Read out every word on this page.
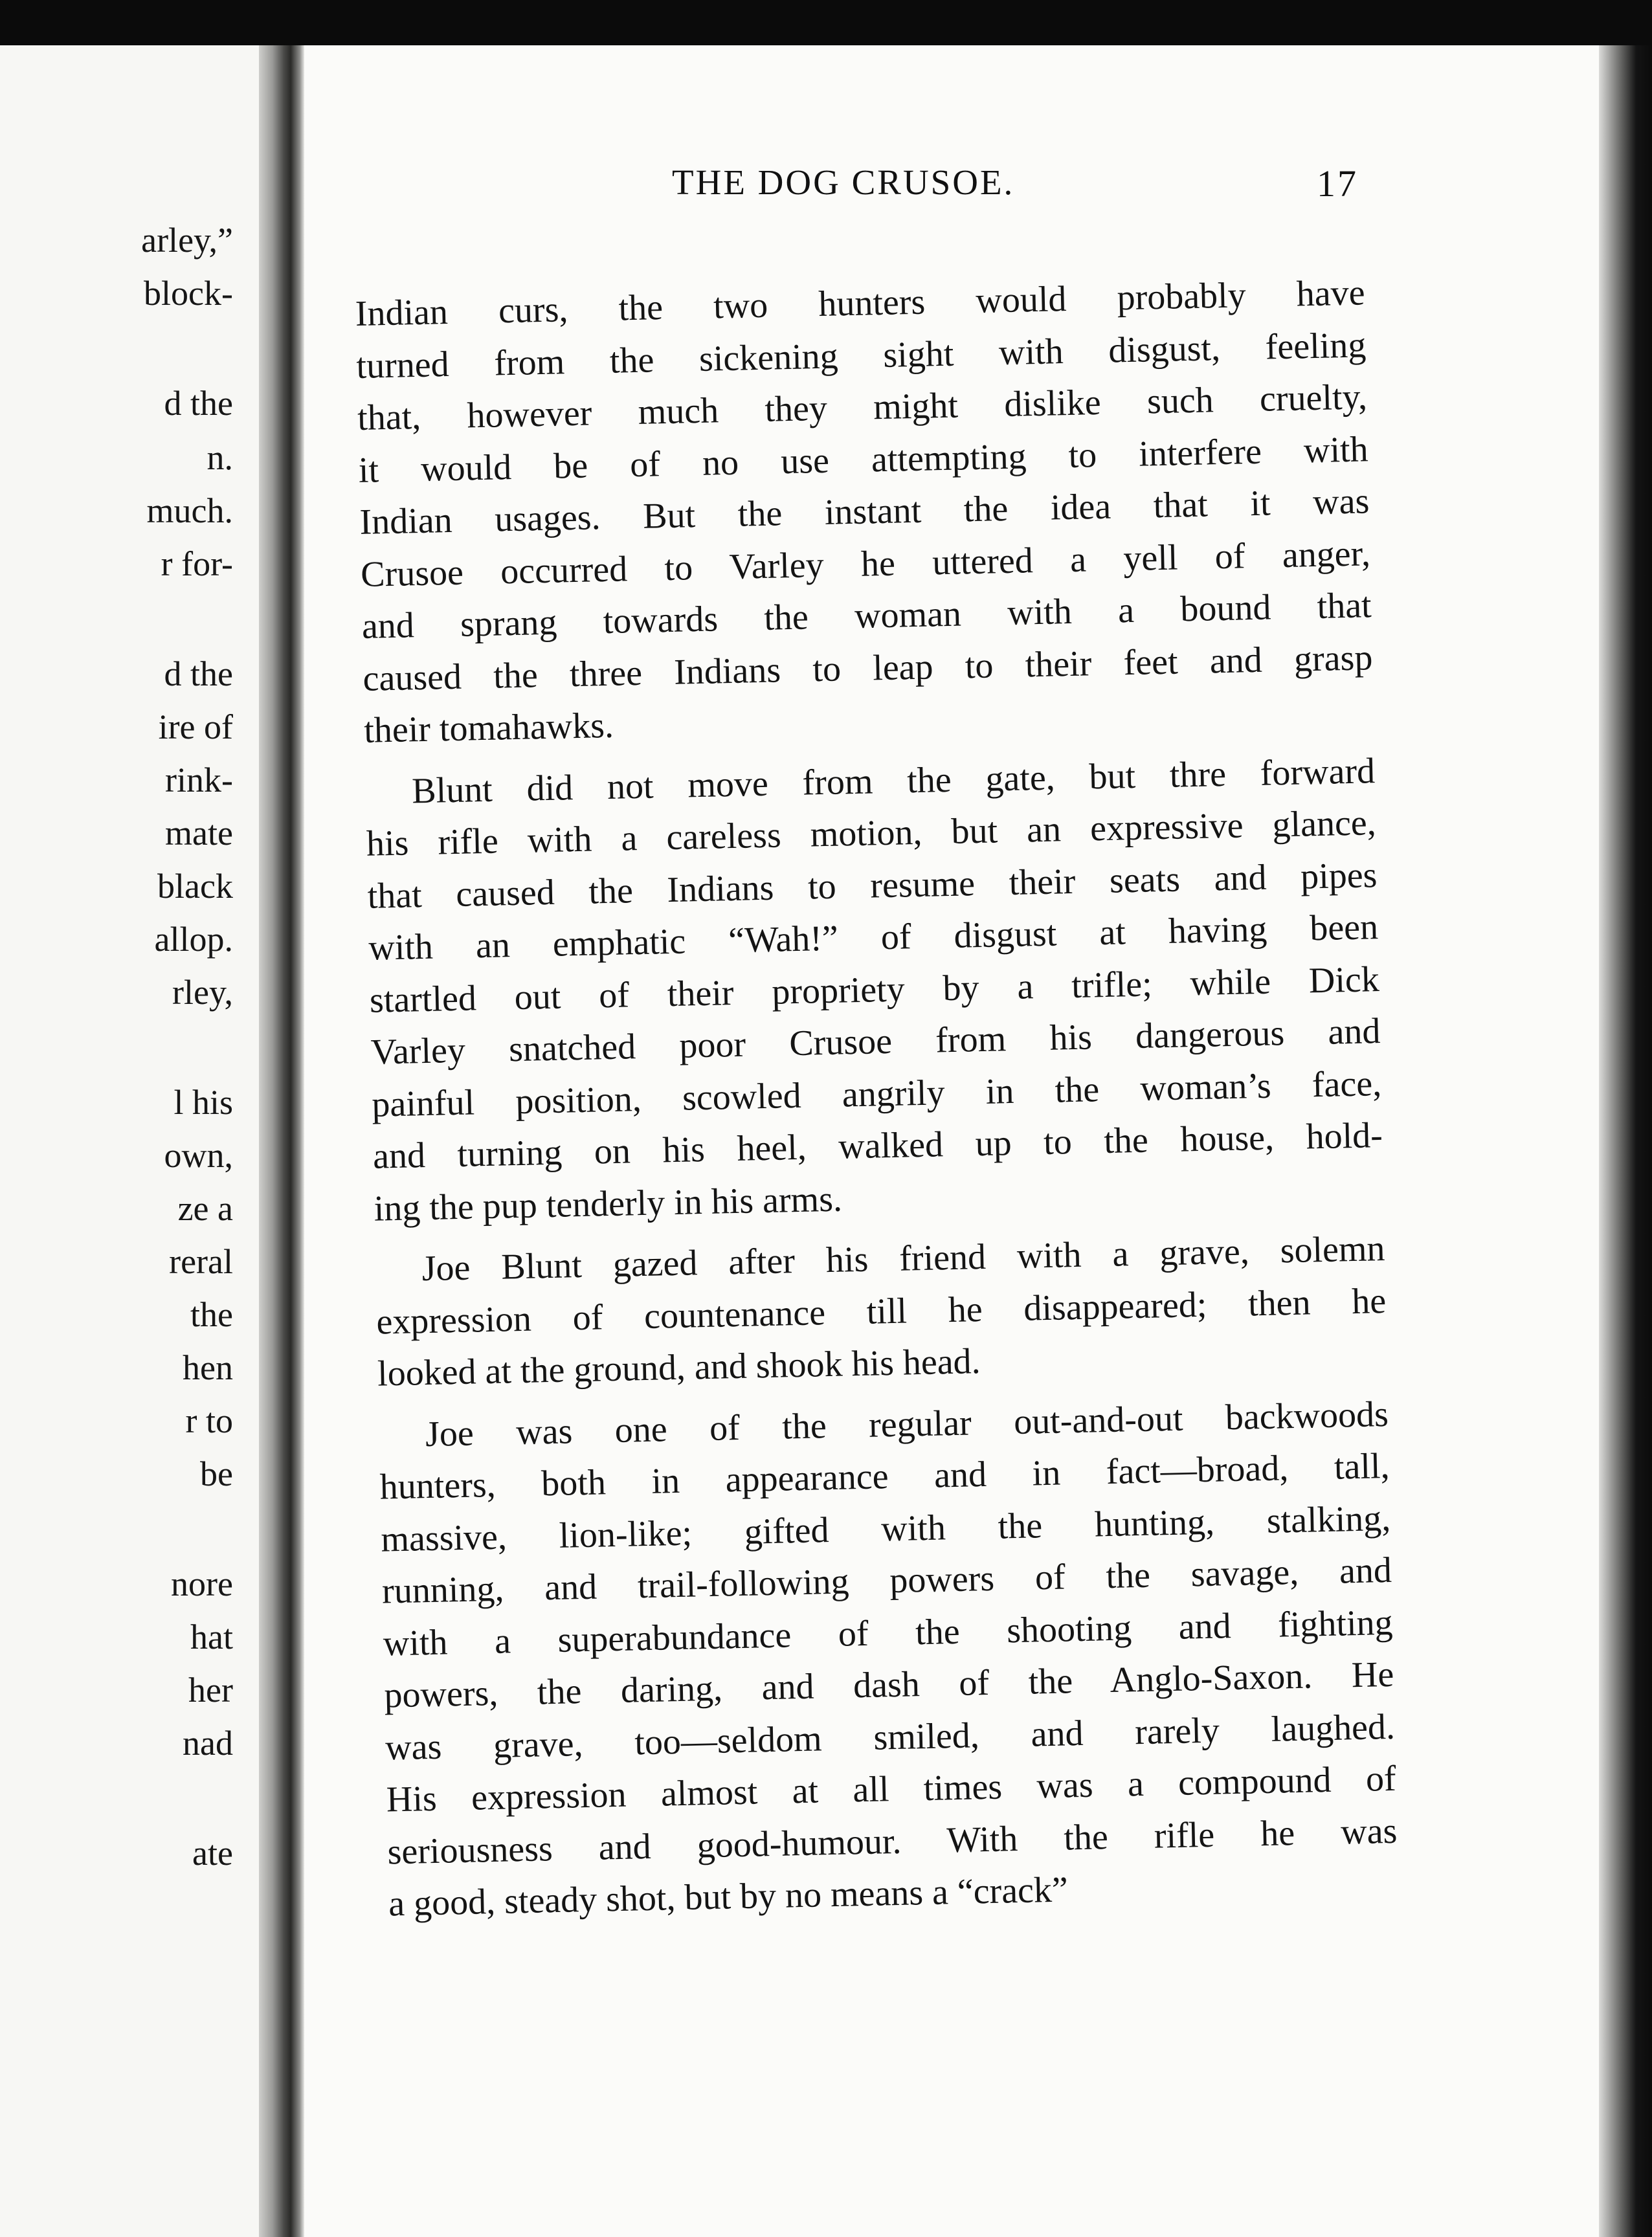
arley,”
block-
d the
n.
much.
r for-
d the
ire of
rink-
mate
black
allop.
rley,
l his
own,
ze a
reral
the
hen
r to
be
nore
hat
her
nad
ate
THE DOG CRUSOE.	17
Indian curs, the two hunters would probably have
turned from the sickening sight with disgust, feeling
that, however much they might dislike such cruelty,
it would be of no use attempting to interfere with
Indian usages. But the instant the idea that it was
Crusoe occurred to Varley he uttered a yell of anger,
and sprang towards the woman with a bound that
caused the three Indians to leap to their feet and grasp
their tomahawks.
Blunt did not move from the gate, but thre forward
his rifle with a careless motion, but an expressive glance,
that caused the Indians to resume their seats and pipes
with an emphatic “Wah!” of disgust at having been
startled out of their propriety by a trifle; while Dick
Varley snatched poor Crusoe from his dangerous and
painful position, scowled angrily in the woman’s face,
and turning on his heel, walked up to the house, hold-
ing the pup tenderly in his arms.
Joe Blunt gazed after his friend with a grave, solemn
expression of countenance till he disappeared; then he
looked at the ground, and shook his head.
Joe was one of the regular out-and-out backwoods
hunters, both in appearance and in fact—broad, tall,
massive, lion-like; gifted with the hunting, stalking,
running, and trail-following powers of the savage, and
with a superabundance of the shooting and fighting
powers, the daring, and dash of the Anglo-Saxon. He
was grave, too—seldom smiled, and rarely laughed.
His expression almost at all times was a compound of
seriousness and good-humour. With the rifle he was
a good, steady shot, but by no means a “crack”
